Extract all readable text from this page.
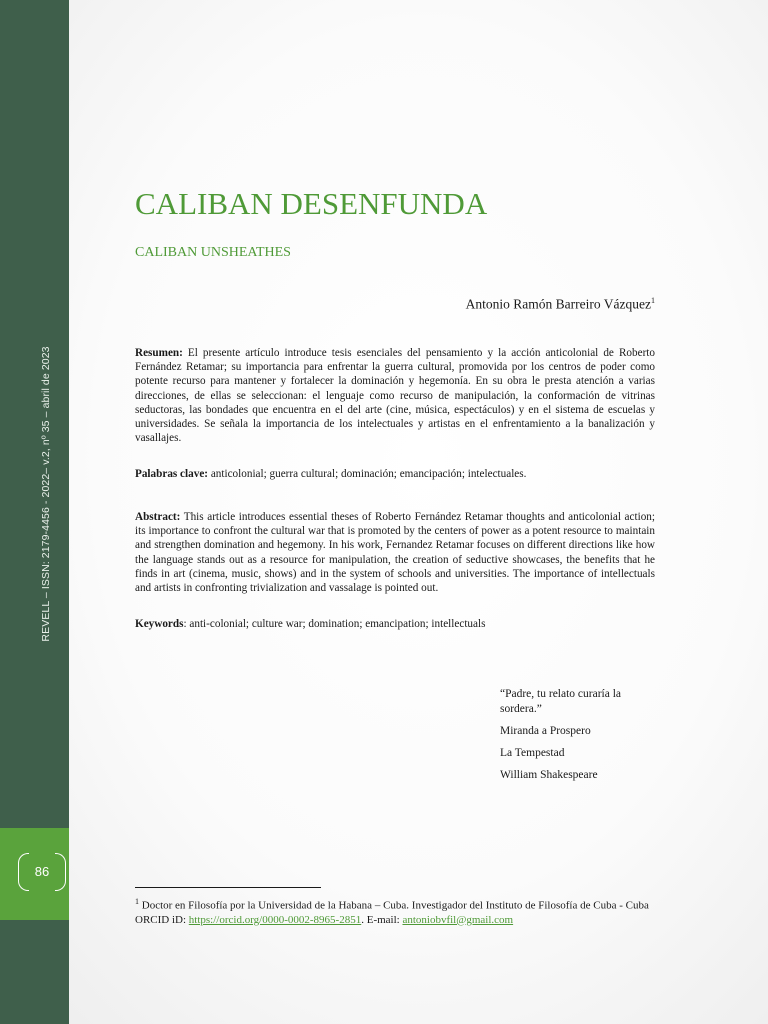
REVELL – ISSN: 2179-4456 - 2022– v.2, nº 35 – abril de 2023
86
CALIBAN DESENFUNDA
CALIBAN UNSHEATHES
Antonio Ramón Barreiro Vázquez$^1$

Resumen: El presente artículo introduce tesis esenciales del pensamiento y la acción anticolonial de Roberto Fernández Retamar; su importancia para enfrentar la guerra cultural, promovida por los centros de poder como potente recurso para mantener y fortalecer la dominación y hegemonía. En su obra le presta atención a varias direcciones, de ellas se seleccionan: el lenguaje como recurso de manipulación, la conformación de vitrinas seductoras, las bondades que encuentra en el del arte (cine, música, espectáculos) y en el sistema de escuelas y universidades. Se señala la importancia de los intelectuales y artistas en el enfrentamiento a la banalización y vasallajes.

Palabras clave: anticolonial; guerra cultural; dominación; emancipación; intelectuales.

Abstract: This article introduces essential theses of Roberto Fernández Retamar thoughts and anticolonial action; its importance to confront the cultural war that is promoted by the centers of power as a potent resource to maintain and strengthen domination and hegemony. In his work, Fernandez Retamar focuses on different directions like how the language stands out as a resource for manipulation, the creation of seductive showcases, the benefits that he finds in art (cinema, music, shows) and in the system of schools and universities. The importance of intellectuals and artists in confronting trivialization and vassalage is pointed out.

Keywords: anti-colonial; culture war; domination; emancipation; intellectuals

“Padre, tu relato curaría la sordera.”
Miranda a Prospero
La Tempestad
William Shakespeare

$^1$ Doctor en Filosofía por la Universidad de la Habana – Cuba. Investigador del Instituto de Filosofía de Cuba - Cuba ORCID iD: https://orcid.org/0000-0002-8965-2851. E-mail: antoniobvfil@gmail.com
